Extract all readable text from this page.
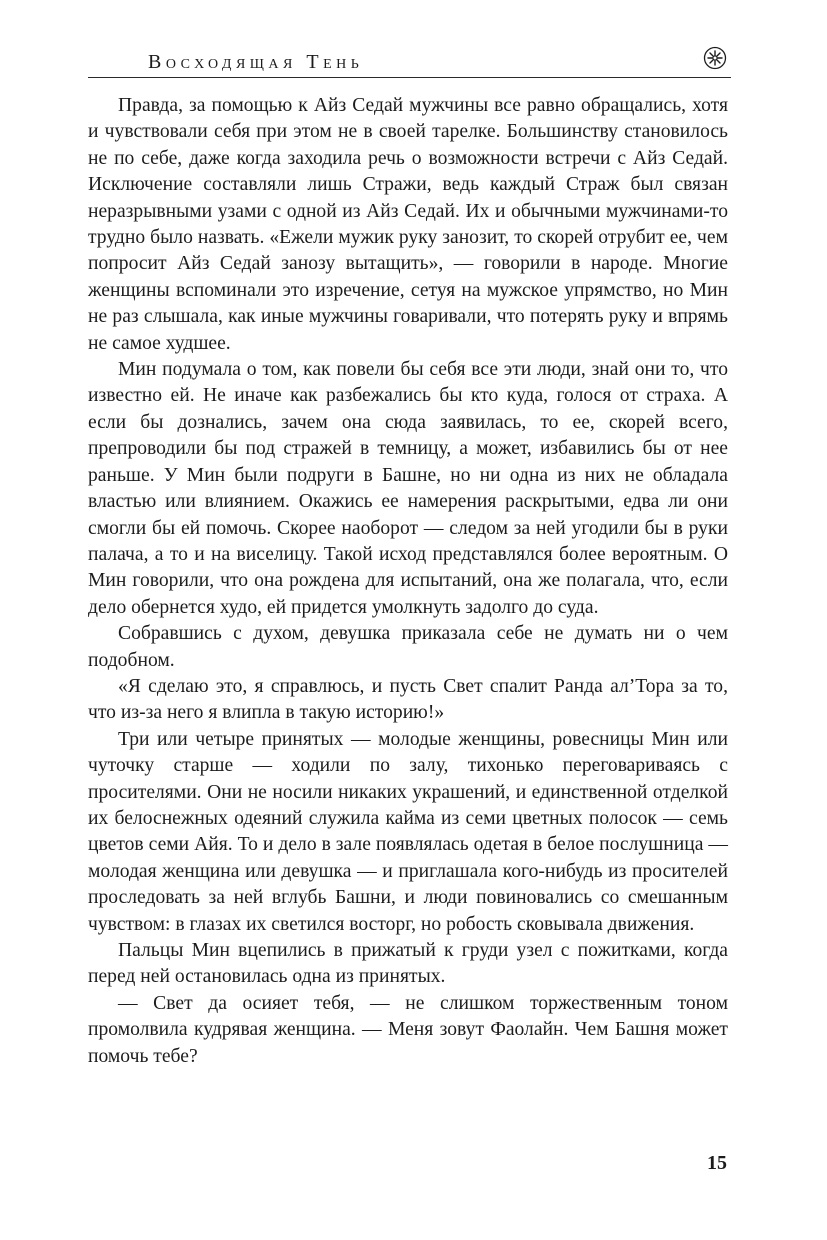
Восходящая Тень

Правда, за помощью к Айз Седай мужчины все равно обращались, хотя и чувствовали себя при этом не в своей тарелке. Большинству становилось не по себе, даже когда заходила речь о возможности встречи с Айз Седай. Исключение составляли лишь Стражи, ведь каждый Страж был связан неразрывными узами с одной из Айз Седай. Их и обычными мужчинами-то трудно было назвать. «Ежели мужик руку занозит, то скорей отрубит ее, чем попросит Айз Седай занозу вытащить», — говорили в народе. Многие женщины вспоминали это изречение, сетуя на мужское упрямство, но Мин не раз слышала, как иные мужчины говаривали, что потерять руку и впрямь не самое худшее.

Мин подумала о том, как повели бы себя все эти люди, знай они то, что известно ей. Не иначе как разбежались бы кто куда, голося от страха. А если бы дознались, зачем она сюда заявилась, то ее, скорей всего, препроводили бы под стражей в темницу, а может, избавились бы от нее раньше. У Мин были подруги в Башне, но ни одна из них не обладала властью или влиянием. Окажись ее намерения раскрытыми, едва ли они смогли бы ей помочь. Скорее наоборот — следом за ней угодили бы в руки палача, а то и на виселицу. Такой исход представлялся более вероятным. О Мин говорили, что она рождена для испытаний, она же полагала, что, если дело обернется худо, ей придется умолкнуть задолго до суда.

Собравшись с духом, девушка приказала себе не думать ни о чем подобном.

«Я сделаю это, я справлюсь, и пусть Свет спалит Ранда ал’Тора за то, что из-за него я влипла в такую историю!»

Три или четыре принятых — молодые женщины, ровесницы Мин или чуточку старше — ходили по залу, тихонько переговариваясь с просителями. Они не носили никаких украшений, и единственной отделкой их белоснежных одеяний служила кайма из семи цветных полосок — семь цветов семи Айя. То и дело в зале появлялась одетая в белое послушница — молодая женщина или девушка — и приглашала кого-нибудь из просителей проследовать за ней вглубь Башни, и люди повиновались со смешанным чувством: в глазах их светился восторг, но робость сковывала движения.

Пальцы Мин вцепились в прижатый к груди узел с пожитками, когда перед ней остановилась одна из принятых.

— Свет да осияет тебя, — не слишком торжественным тоном промолвила кудрявая женщина. — Меня зовут Фаолайн. Чем Башня может помочь тебе?

15
